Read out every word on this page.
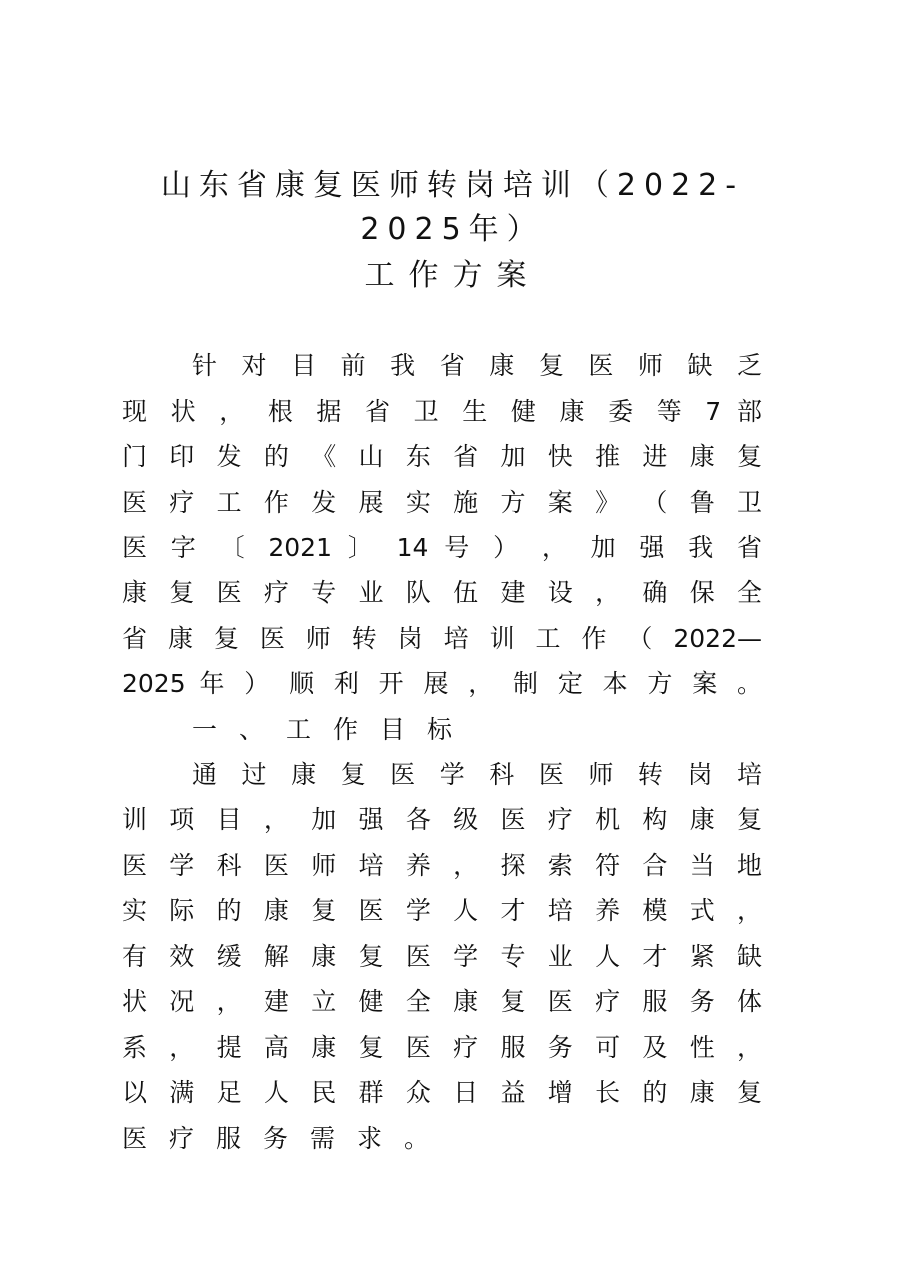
山东省康复医师转岗培训（2022-
2025年）
工作方案
针 对 目 前 我 省 康 复 医 师 缺 乏
现 状 ， 根 据 省 卫 生 健 康 委 等 7 部
门 印 发 的 《 山 东 省 加 快 推 进 康 复
医 疗 工 作 发 展 实 施 方 案 》 （ 鲁 卫
医 字 〔 2021 〕 14 号 ） ， 加 强 我 省
康 复 医 疗 专 业 队 伍 建 设 ， 确 保 全
省 康 复 医 师 转 岗 培 训 工 作 （ 2022—
2025 年 ） 顺 利 开 展 ， 制 定 本 方 案 。
一、工作目标
通 过 康 复 医 学 科 医 师 转 岗 培
训 项 目 ， 加 强 各 级 医 疗 机 构 康 复
医 学 科 医 师 培 养 ， 探 索 符 合 当 地
实 际 的 康 复 医 学 人 才 培 养 模 式 ，
有 效 缓 解 康 复 医 学 专 业 人 才 紧 缺
状 况 ， 建 立 健 全 康 复 医 疗 服 务 体
系 ， 提 高 康 复 医 疗 服 务 可 及 性 ，
以 满 足 人 民 群 众 日 益 增 长 的 康 复
医疗服务需求。
